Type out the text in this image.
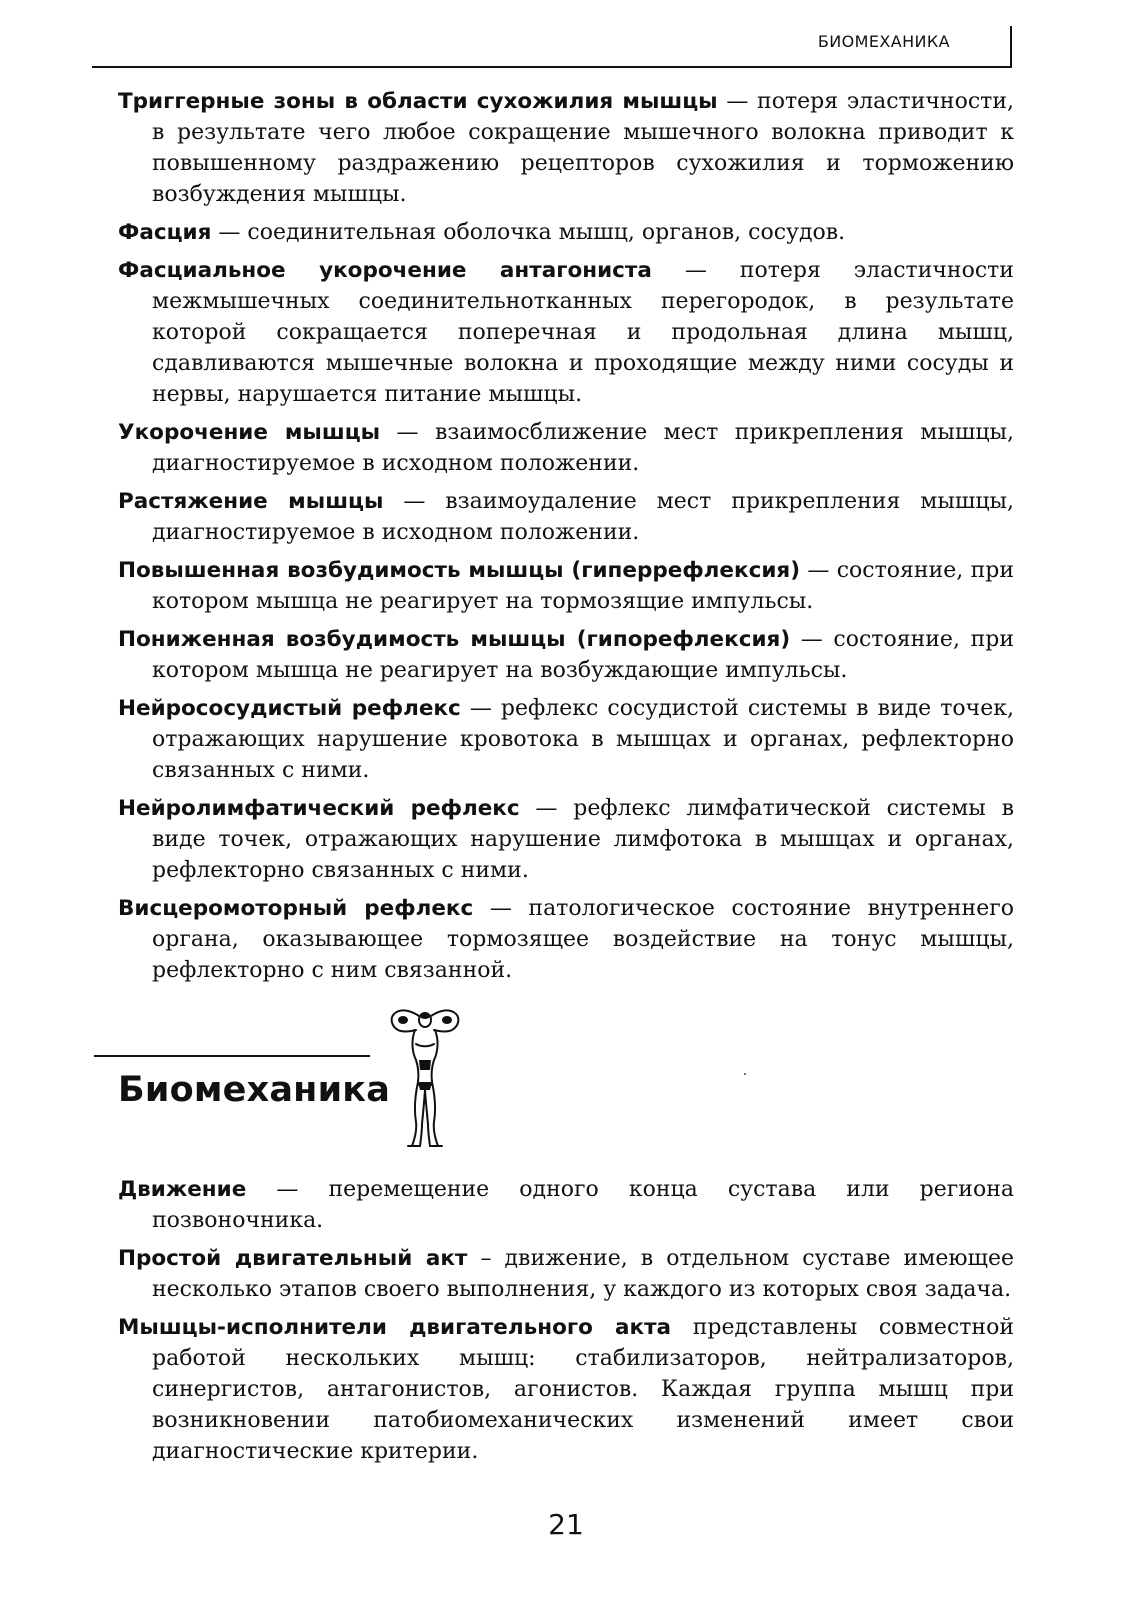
БИОМЕХАНИКА

Триггерные зоны в области сухожилия мышцы — потеря эластичности, в результате чего любое сокращение мышечного волокна приводит к повышенному раздражению рецепторов сухожилия и торможению возбуждения мышцы.

Фасция — соединительная оболочка мышц, органов, сосудов.

Фасциальное укорочение антагониста — потеря эластичности межмышечных соединительнотканных перегородок, в результате которой сокращается поперечная и продольная длина мышц, сдавливаются мышечные волокна и проходящие между ними сосуды и нервы, нарушается питание мышцы.

Укорочение мышцы — взаимосближение мест прикрепления мышцы, диагностируемое в исходном положении.

Растяжение мышцы — взаимоудаление мест прикрепления мышцы, диагностируемое в исходном положении.

Повышенная возбудимость мышцы (гиперрефлексия) — состояние, при котором мышца не реагирует на тормозящие импульсы.

Пониженная возбудимость мышцы (гипорефлексия) — состояние, при котором мышца не реагирует на возбуждающие импульсы.

Нейрососудистый рефлекс — рефлекс сосудистой системы в виде точек, отражающих нарушение кровотока в мышцах и органах, рефлекторно связанных с ними.

Нейролимфатический рефлекс — рефлекс лимфатической системы в виде точек, отражающих нарушение лимфотока в мышцах и органах, рефлекторно связанных с ними.

Висцеромоторный рефлекс — патологическое состояние внутреннего органа, оказывающее тормозящее воздействие на тонус мышцы, рефлекторно с ним связанной.

Биомеханика

Движение — перемещение одного конца сустава или региона позвоночника.

Простой двигательный акт – движение, в отдельном суставе имеющее несколько этапов своего выполнения, у каждого из которых своя задача.

Мышцы-исполнители двигательного акта представлены совместной работой нескольких мышц: стабилизаторов, нейтрализаторов, синергистов, антагонистов, агонистов. Каждая группа мышц при возникновении патобиомеханических изменений имеет свои диагностические критерии.

21
